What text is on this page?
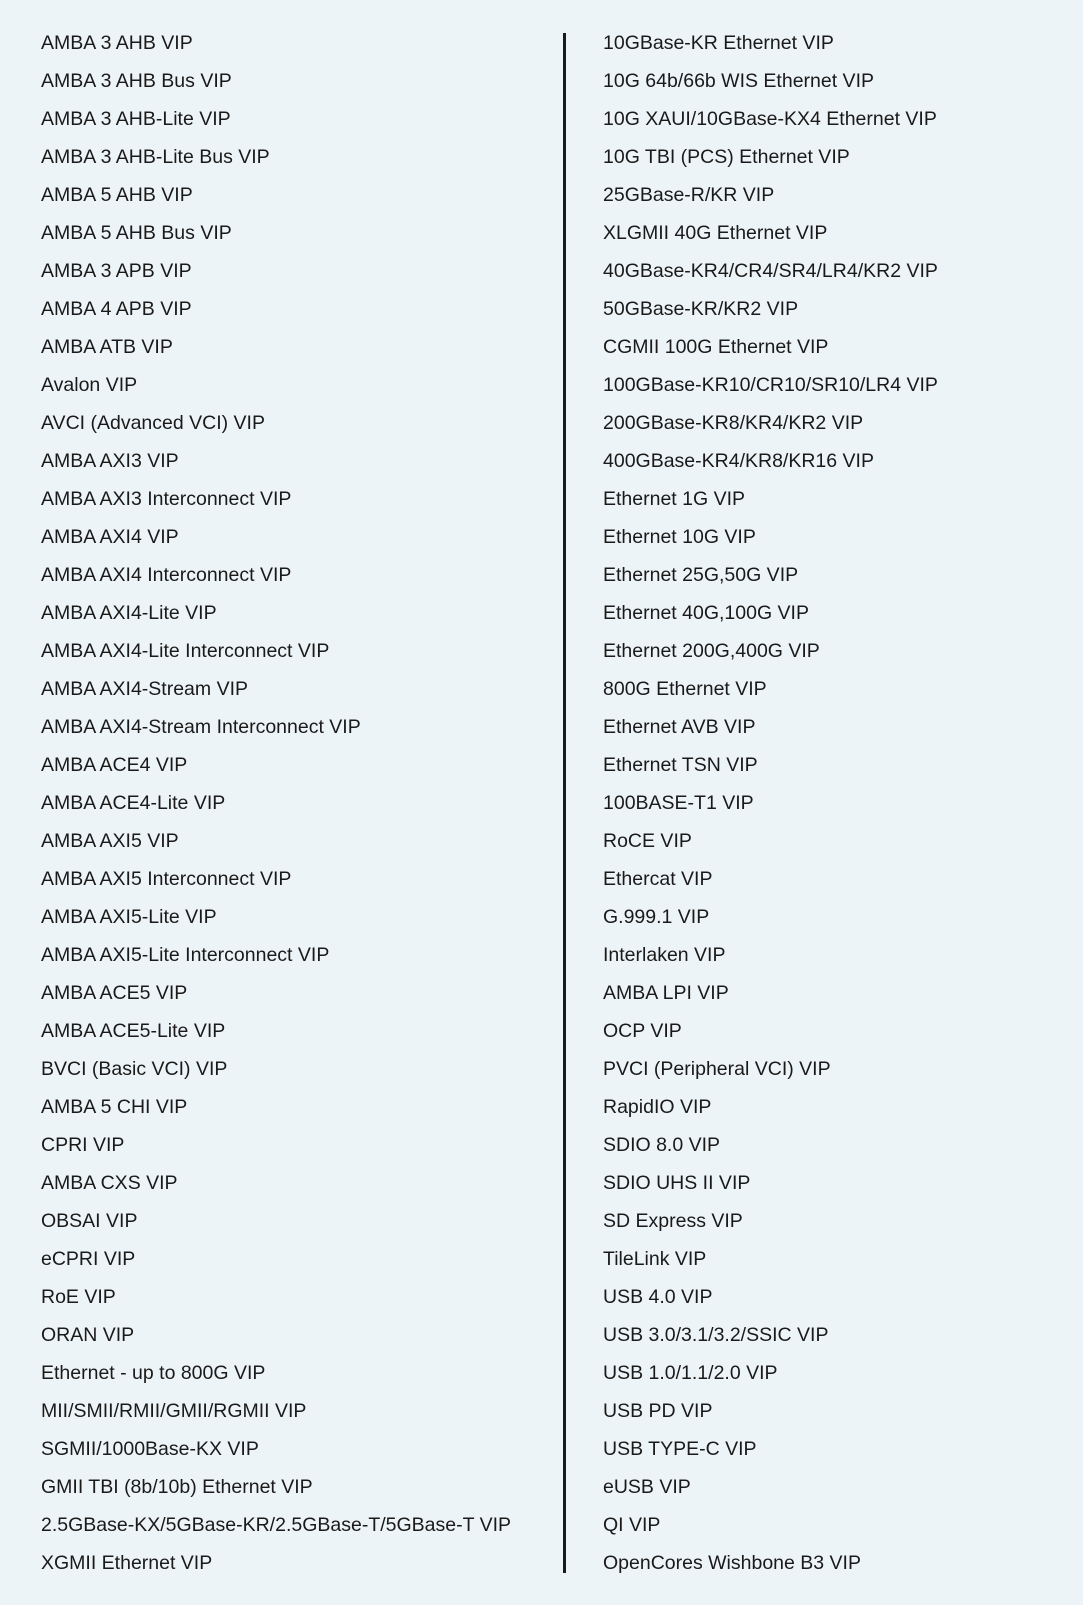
AMBA 3 AHB VIP
AMBA 3 AHB Bus VIP
AMBA 3 AHB-Lite VIP
AMBA 3 AHB-Lite Bus VIP
AMBA 5 AHB VIP
AMBA 5 AHB Bus VIP
AMBA 3 APB VIP
AMBA 4 APB VIP
AMBA ATB VIP
Avalon VIP
AVCI (Advanced VCI) VIP
AMBA AXI3 VIP
AMBA AXI3 Interconnect VIP
AMBA AXI4 VIP
AMBA AXI4 Interconnect VIP
AMBA AXI4-Lite VIP
AMBA AXI4-Lite Interconnect VIP
AMBA AXI4-Stream VIP
AMBA AXI4-Stream Interconnect VIP
AMBA ACE4 VIP
AMBA ACE4-Lite VIP
AMBA AXI5 VIP
AMBA AXI5 Interconnect VIP
AMBA AXI5-Lite VIP
AMBA AXI5-Lite Interconnect VIP
AMBA ACE5 VIP
AMBA ACE5-Lite VIP
BVCI (Basic VCI) VIP
AMBA 5 CHI VIP
CPRI VIP
AMBA CXS VIP
OBSAI VIP
eCPRI VIP
RoE VIP
ORAN VIP
Ethernet - up to 800G VIP
MII/SMII/RMII/GMII/RGMII VIP
SGMII/1000Base-KX VIP
GMII TBI (8b/10b) Ethernet VIP
2.5GBase-KX/5GBase-KR/2.5GBase-T/5GBase-T VIP
XGMII Ethernet VIP
10GBase-KR Ethernet VIP
10G 64b/66b WIS Ethernet VIP
10G XAUI/10GBase-KX4 Ethernet VIP
10G TBI (PCS) Ethernet VIP
25GBase-R/KR VIP
XLGMII 40G Ethernet VIP
40GBase-KR4/CR4/SR4/LR4/KR2 VIP
50GBase-KR/KR2 VIP
CGMII 100G Ethernet VIP
100GBase-KR10/CR10/SR10/LR4 VIP
200GBase-KR8/KR4/KR2 VIP
400GBase-KR4/KR8/KR16 VIP
Ethernet 1G VIP
Ethernet 10G VIP
Ethernet 25G,50G VIP
Ethernet 40G,100G VIP
Ethernet 200G,400G VIP
800G Ethernet VIP
Ethernet AVB VIP
Ethernet TSN VIP
100BASE-T1 VIP
RoCE VIP
Ethercat VIP
G.999.1 VIP
Interlaken VIP
AMBA LPI VIP
OCP VIP
PVCI (Peripheral VCI) VIP
RapidIO VIP
SDIO 8.0 VIP
SDIO UHS II VIP
SD Express VIP
TileLink VIP
USB 4.0 VIP
USB 3.0/3.1/3.2/SSIC VIP
USB 1.0/1.1/2.0 VIP
USB PD VIP
USB TYPE-C VIP
eUSB VIP
QI VIP
OpenCores Wishbone B3 VIP
